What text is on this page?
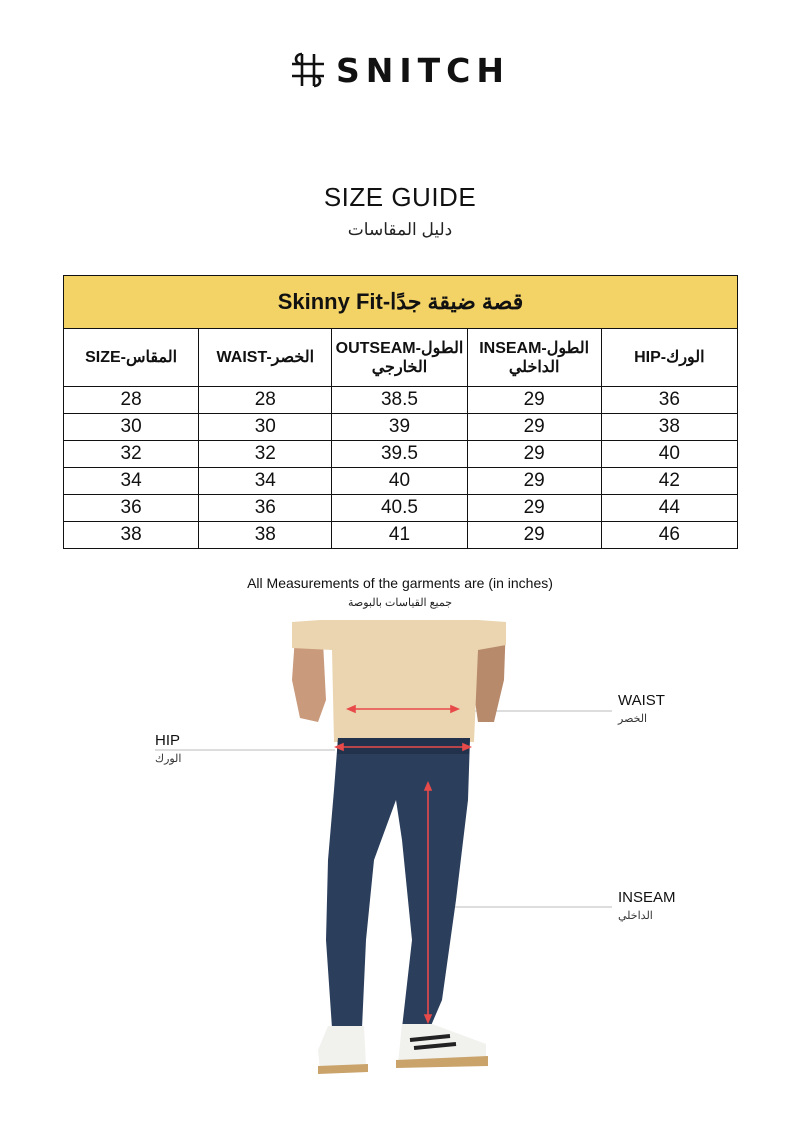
SNITCH
SIZE GUIDE
دليل المقاسات
Skinny Fit-قصة ضيقة جدًا				
SIZE-المقاس	WAIST-الخصر	OUTSEAM-الطول الخارجي	INSEAM-الطول الداخلي	HIP-الورك
28	28	38.5	29	36
30	30	39	29	38
32	32	39.5	29	40
34	34	40	29	42
36	36	40.5	29	44
38	38	41	29	46
All Measurements of the garments are (in inches)
جميع القياسات بالبوصة
WAIST
الخصر
HIP
الورك
INSEAM
الداخلي
